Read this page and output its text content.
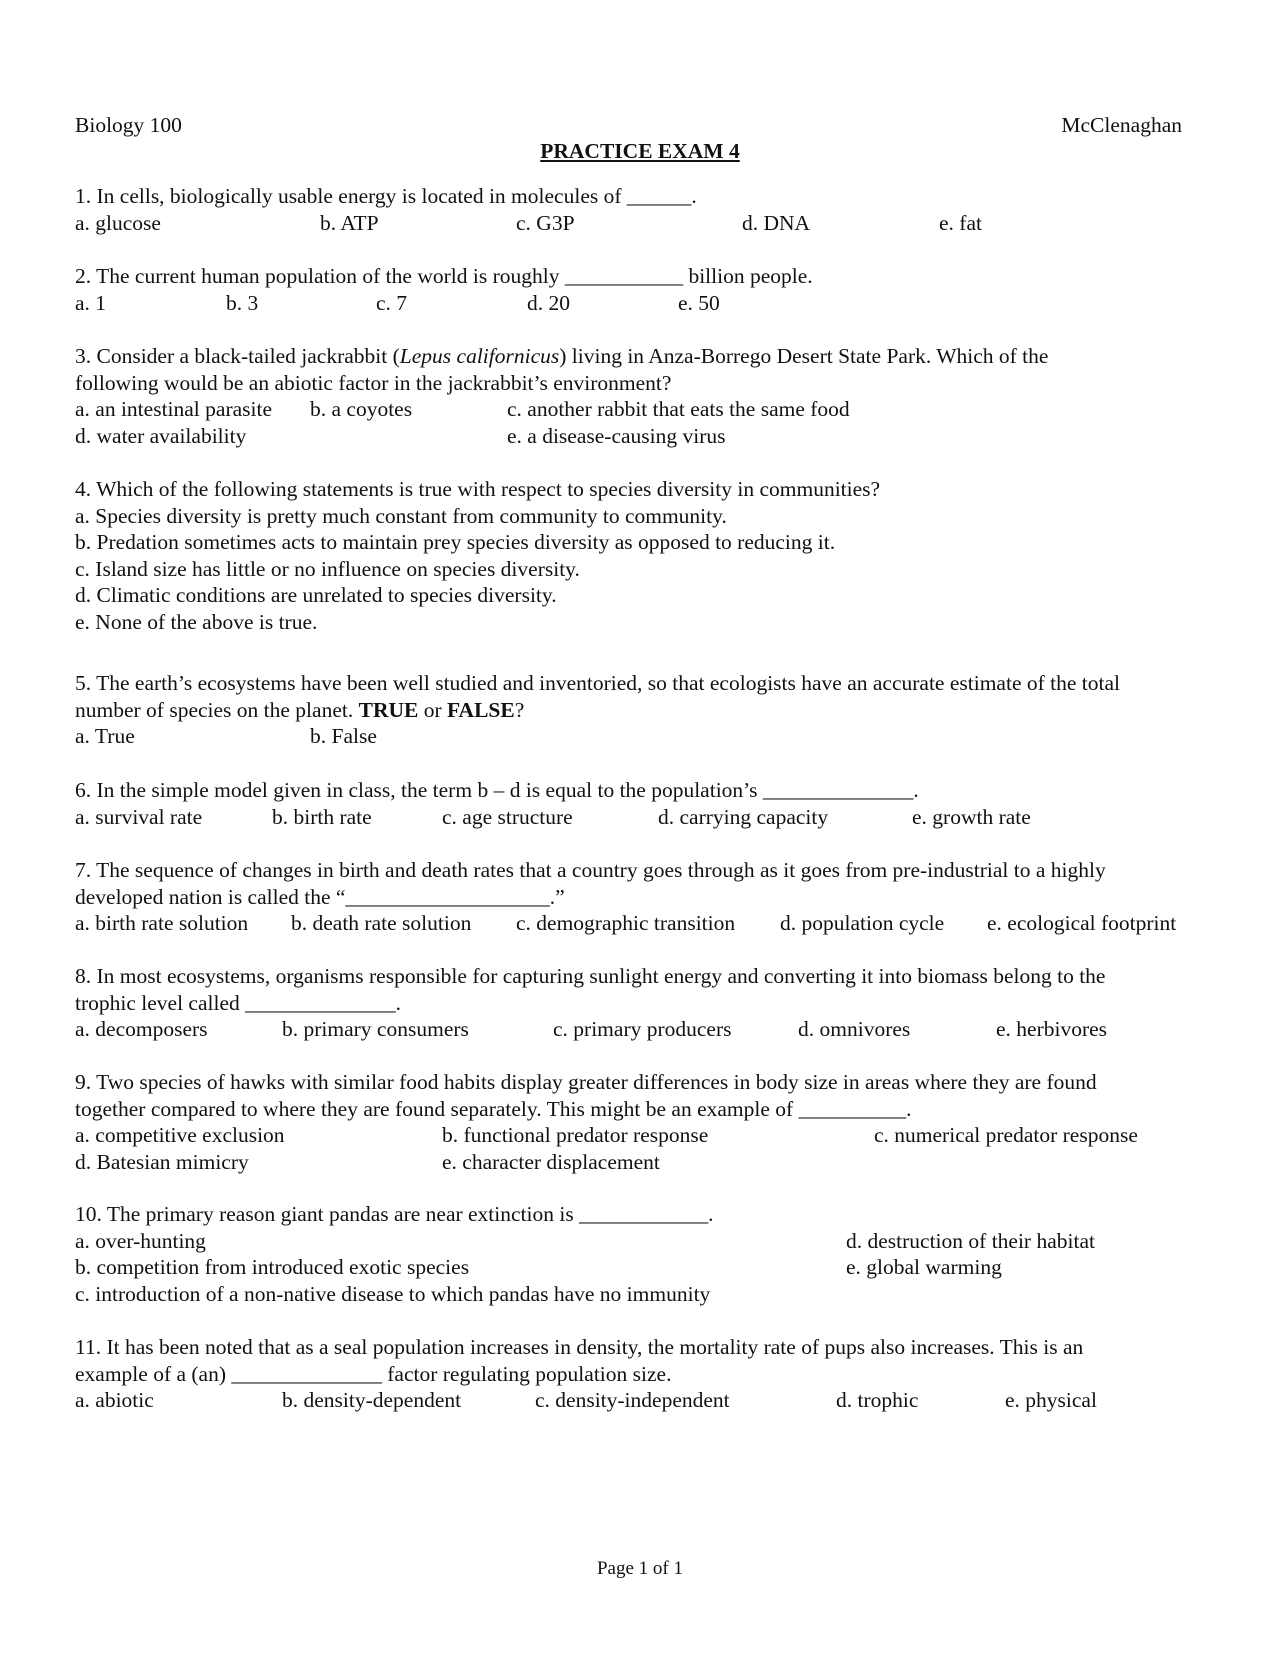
Biology 100	McClenaghan
PRACTICE EXAM 4
1. In cells, biologically usable energy is located in molecules of ______.
a. glucose	b. ATP	c. G3P	d. DNA	e. fat
2. The current human population of the world is roughly ___________ billion people.
a. 1	b. 3	c. 7	d. 20	e. 50
3. Consider a black-tailed jackrabbit (Lepus californicus) living in Anza-Borrego Desert State Park. Which of the
following would be an abiotic factor in the jackrabbit’s environment?
a. an intestinal parasite b. a coyotes	c. another rabbit that eats the same food
d. water availability	e. a disease-causing virus
4. Which of the following statements is true with respect to species diversity in communities?
a. Species diversity is pretty much constant from community to community.
b. Predation sometimes acts to maintain prey species diversity as opposed to reducing it.
c. Island size has little or no influence on species diversity.
d. Climatic conditions are unrelated to species diversity.
e. None of the above is true.
5. The earth’s ecosystems have been well studied and inventoried, so that ecologists have an accurate estimate of the total
number of species on the planet. TRUE or FALSE?
a. True	b. False
6. In the simple model given in class, the term b – d is equal to the population’s ______________.
a. survival rate	b. birth rate	c. age structure	d. carrying capacity	e. growth rate
7. The sequence of changes in birth and death rates that a country goes through as it goes from pre-industrial to a highly
developed nation is called the “___________________.”
a. birth rate solution b. death rate solution c. demographic transition d. population cycle e. ecological footprint
8. In most ecosystems, organisms responsible for capturing sunlight energy and converting it into biomass belong to the
trophic level called ______________.
a. decomposers	b. primary consumers	c. primary producers	d. omnivores	e. herbivores
9. Two species of hawks with similar food habits display greater differences in body size in areas where they are found
together compared to where they are found separately. This might be an example of __________.
a. competitive exclusion	b. functional predator response	c. numerical predator response
d. Batesian mimicry	e. character displacement
10. The primary reason giant pandas are near extinction is ____________.
a. over-hunting	d. destruction of their habitat
b. competition from introduced exotic species	e. global warming
c. introduction of a non-native disease to which pandas have no immunity
11. It has been noted that as a seal population increases in density, the mortality rate of pups also increases. This is an
example of a (an) ______________ factor regulating population size.
a. abiotic	b. density-dependent	c. density-independent	d. trophic	e. physical
Page 1 of 1
